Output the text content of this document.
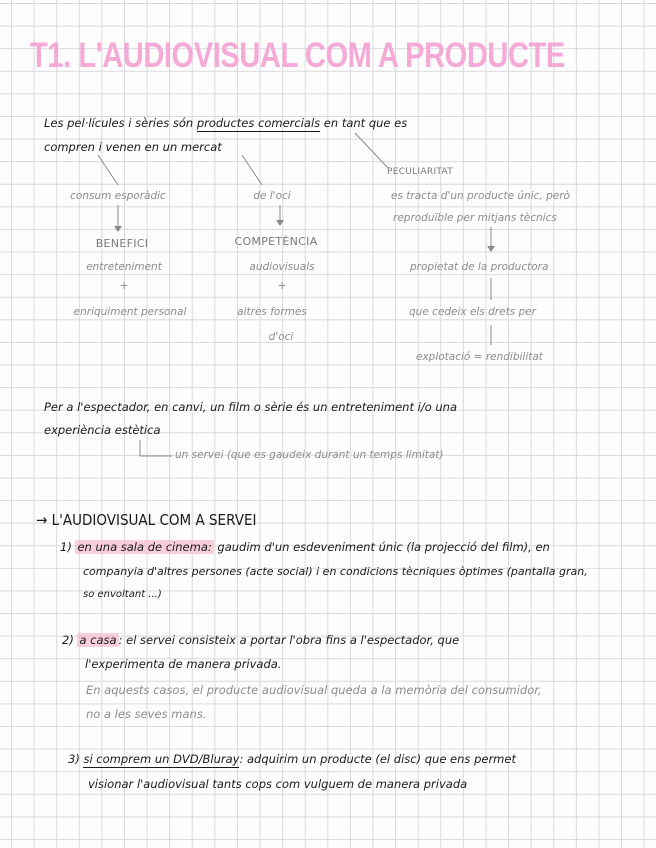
T1. L'AUDIOVISUAL COM A PRODUCTE
Les pel·lícules i sèries són productes comercials en tant que es
compren i venen en un mercat
consum esporàdic
BENEFICI
entreteniment
+
enriquiment personal
de l'oci
COMPETÈNCIA
audiovisuals
+
altres formes
d'oci
PECULIARITAT
es tracta d'un producte únic, però
reproduïble per mitjans tècnics
propietat de la productora
que cedeix els drets per
explotació = rendibilitat
Per a l'espectador, en canvi, un film o sèrie és un entreteniment i/o una
experiència estètica
un servei (que es gaudeix durant un temps limitat)
→ L'AUDIOVISUAL COM A SERVEI
1) en una sala de cinema: gaudim d'un esdeveniment únic (la projecció del film), en
companyia d'altres persones (acte social) i en condicions tècniques òptimes (pantalla gran,
so envoltant ...)
2) a casa : el servei consisteix a portar l'obra fins a l'espectador, que
l'experimenta de manera privada.
En aquests casos, el producte audiovisual queda a la memòria del consumidor,
no a les seves mans.
3) si comprem un DVD/Bluray: adquirim un producte (el disc) que ens permet
visionar l'audiovisual tants cops com vulguem de manera privada
